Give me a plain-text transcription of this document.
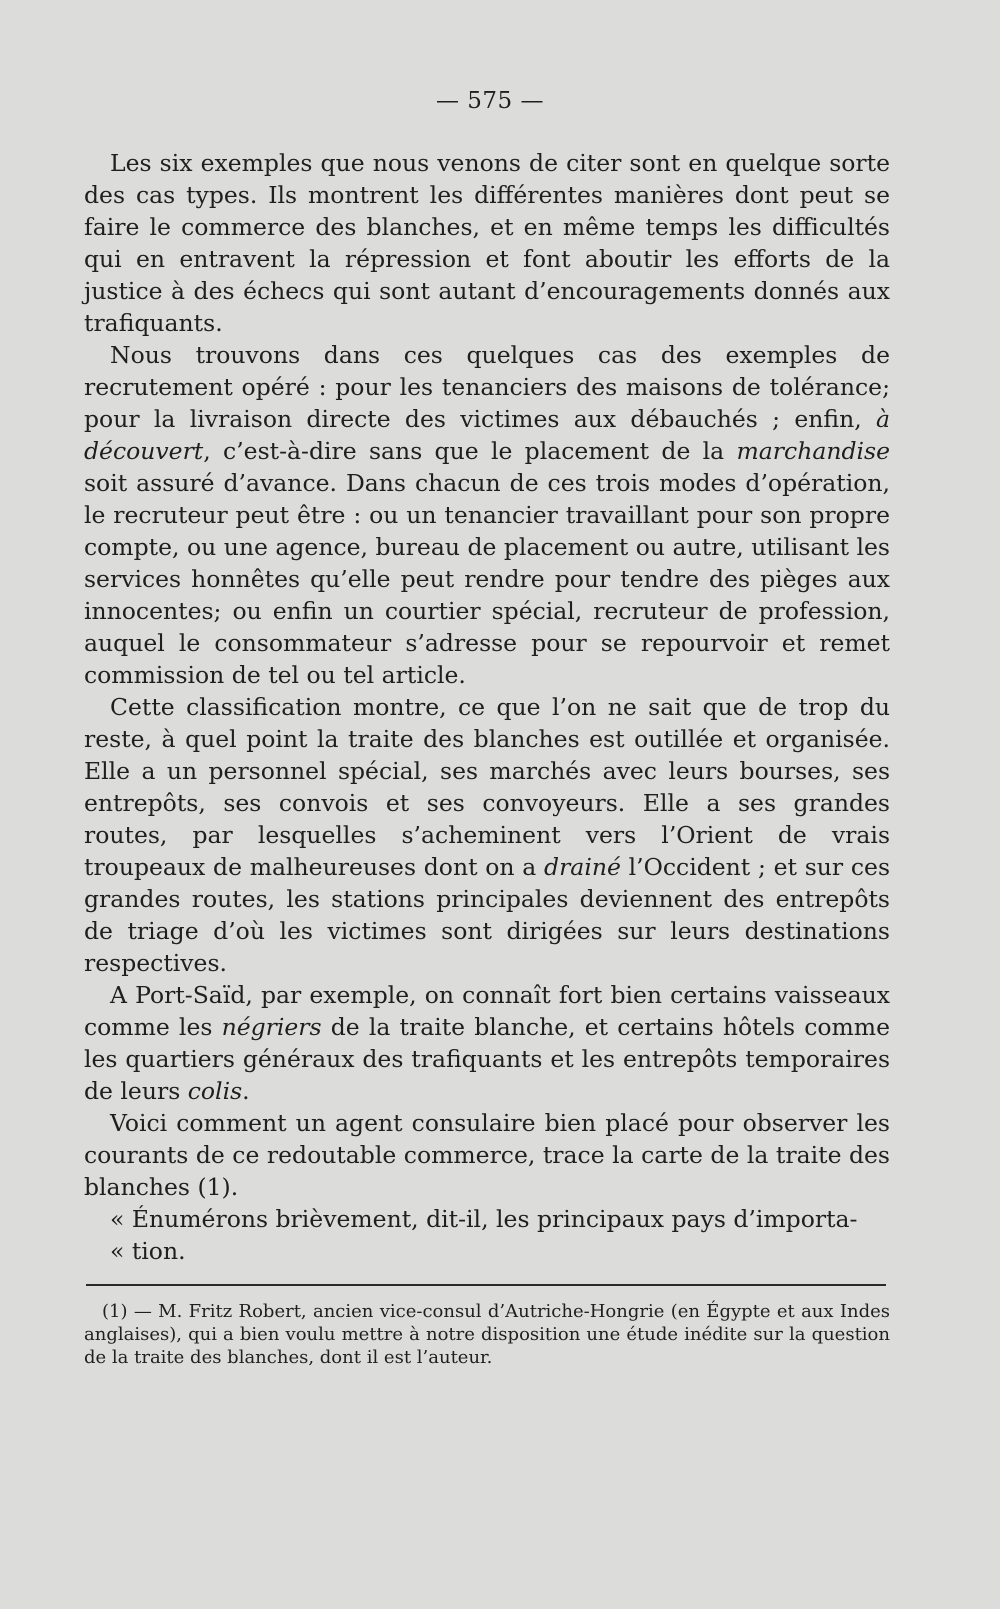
— 575 —

Les six exemples que nous venons de citer sont en quelque sorte des cas types. Ils montrent les différentes manières dont peut se faire le commerce des blanches, et en même temps les difficultés qui en entravent la répression et font aboutir les efforts de la justice à des échecs qui sont autant d’encouragements donnés aux trafiquants.

Nous trouvons dans ces quelques cas des exemples de recrutement opéré : pour les tenanciers des maisons de tolérance; pour la livraison directe des victimes aux débauchés ; enfin, à découvert, c’est-à-dire sans que le placement de la marchandise soit assuré d’avance. Dans chacun de ces trois modes d’opération, le recruteur peut être : ou un tenancier travaillant pour son propre compte, ou une agence, bureau de placement ou autre, utilisant les services honnêtes qu’elle peut rendre pour tendre des pièges aux innocentes; ou enfin un courtier spécial, recruteur de profession, auquel le consommateur s’adresse pour se repourvoir et remet commission de tel ou tel article.

Cette classification montre, ce que l’on ne sait que de trop du reste, à quel point la traite des blanches est outillée et organisée. Elle a un personnel spécial, ses marchés avec leurs bourses, ses entrepôts, ses convois et ses convoyeurs. Elle a ses grandes routes, par lesquelles s’acheminent vers l’Orient de vrais troupeaux de malheureuses dont on a drainé l’Occident ; et sur ces grandes routes, les stations principales deviennent des entrepôts de triage d’où les victimes sont dirigées sur leurs destinations respectives.

A Port-Saïd, par exemple, on connaît fort bien certains vaisseaux comme les négriers de la traite blanche, et certains hôtels comme les quartiers généraux des trafiquants et les entrepôts temporaires de leurs colis.

Voici comment un agent consulaire bien placé pour observer les courants de ce redoutable commerce, trace la carte de la traite des blanches (1).

« Énumérons brièvement, dit-il, les principaux pays d’importa-

« tion.

(1) — M. Fritz Robert, ancien vice-consul d’Autriche-Hongrie (en Égypte et aux Indes anglaises), qui a bien voulu mettre à notre disposition une étude inédite sur la question de la traite des blanches, dont il est l’auteur.
